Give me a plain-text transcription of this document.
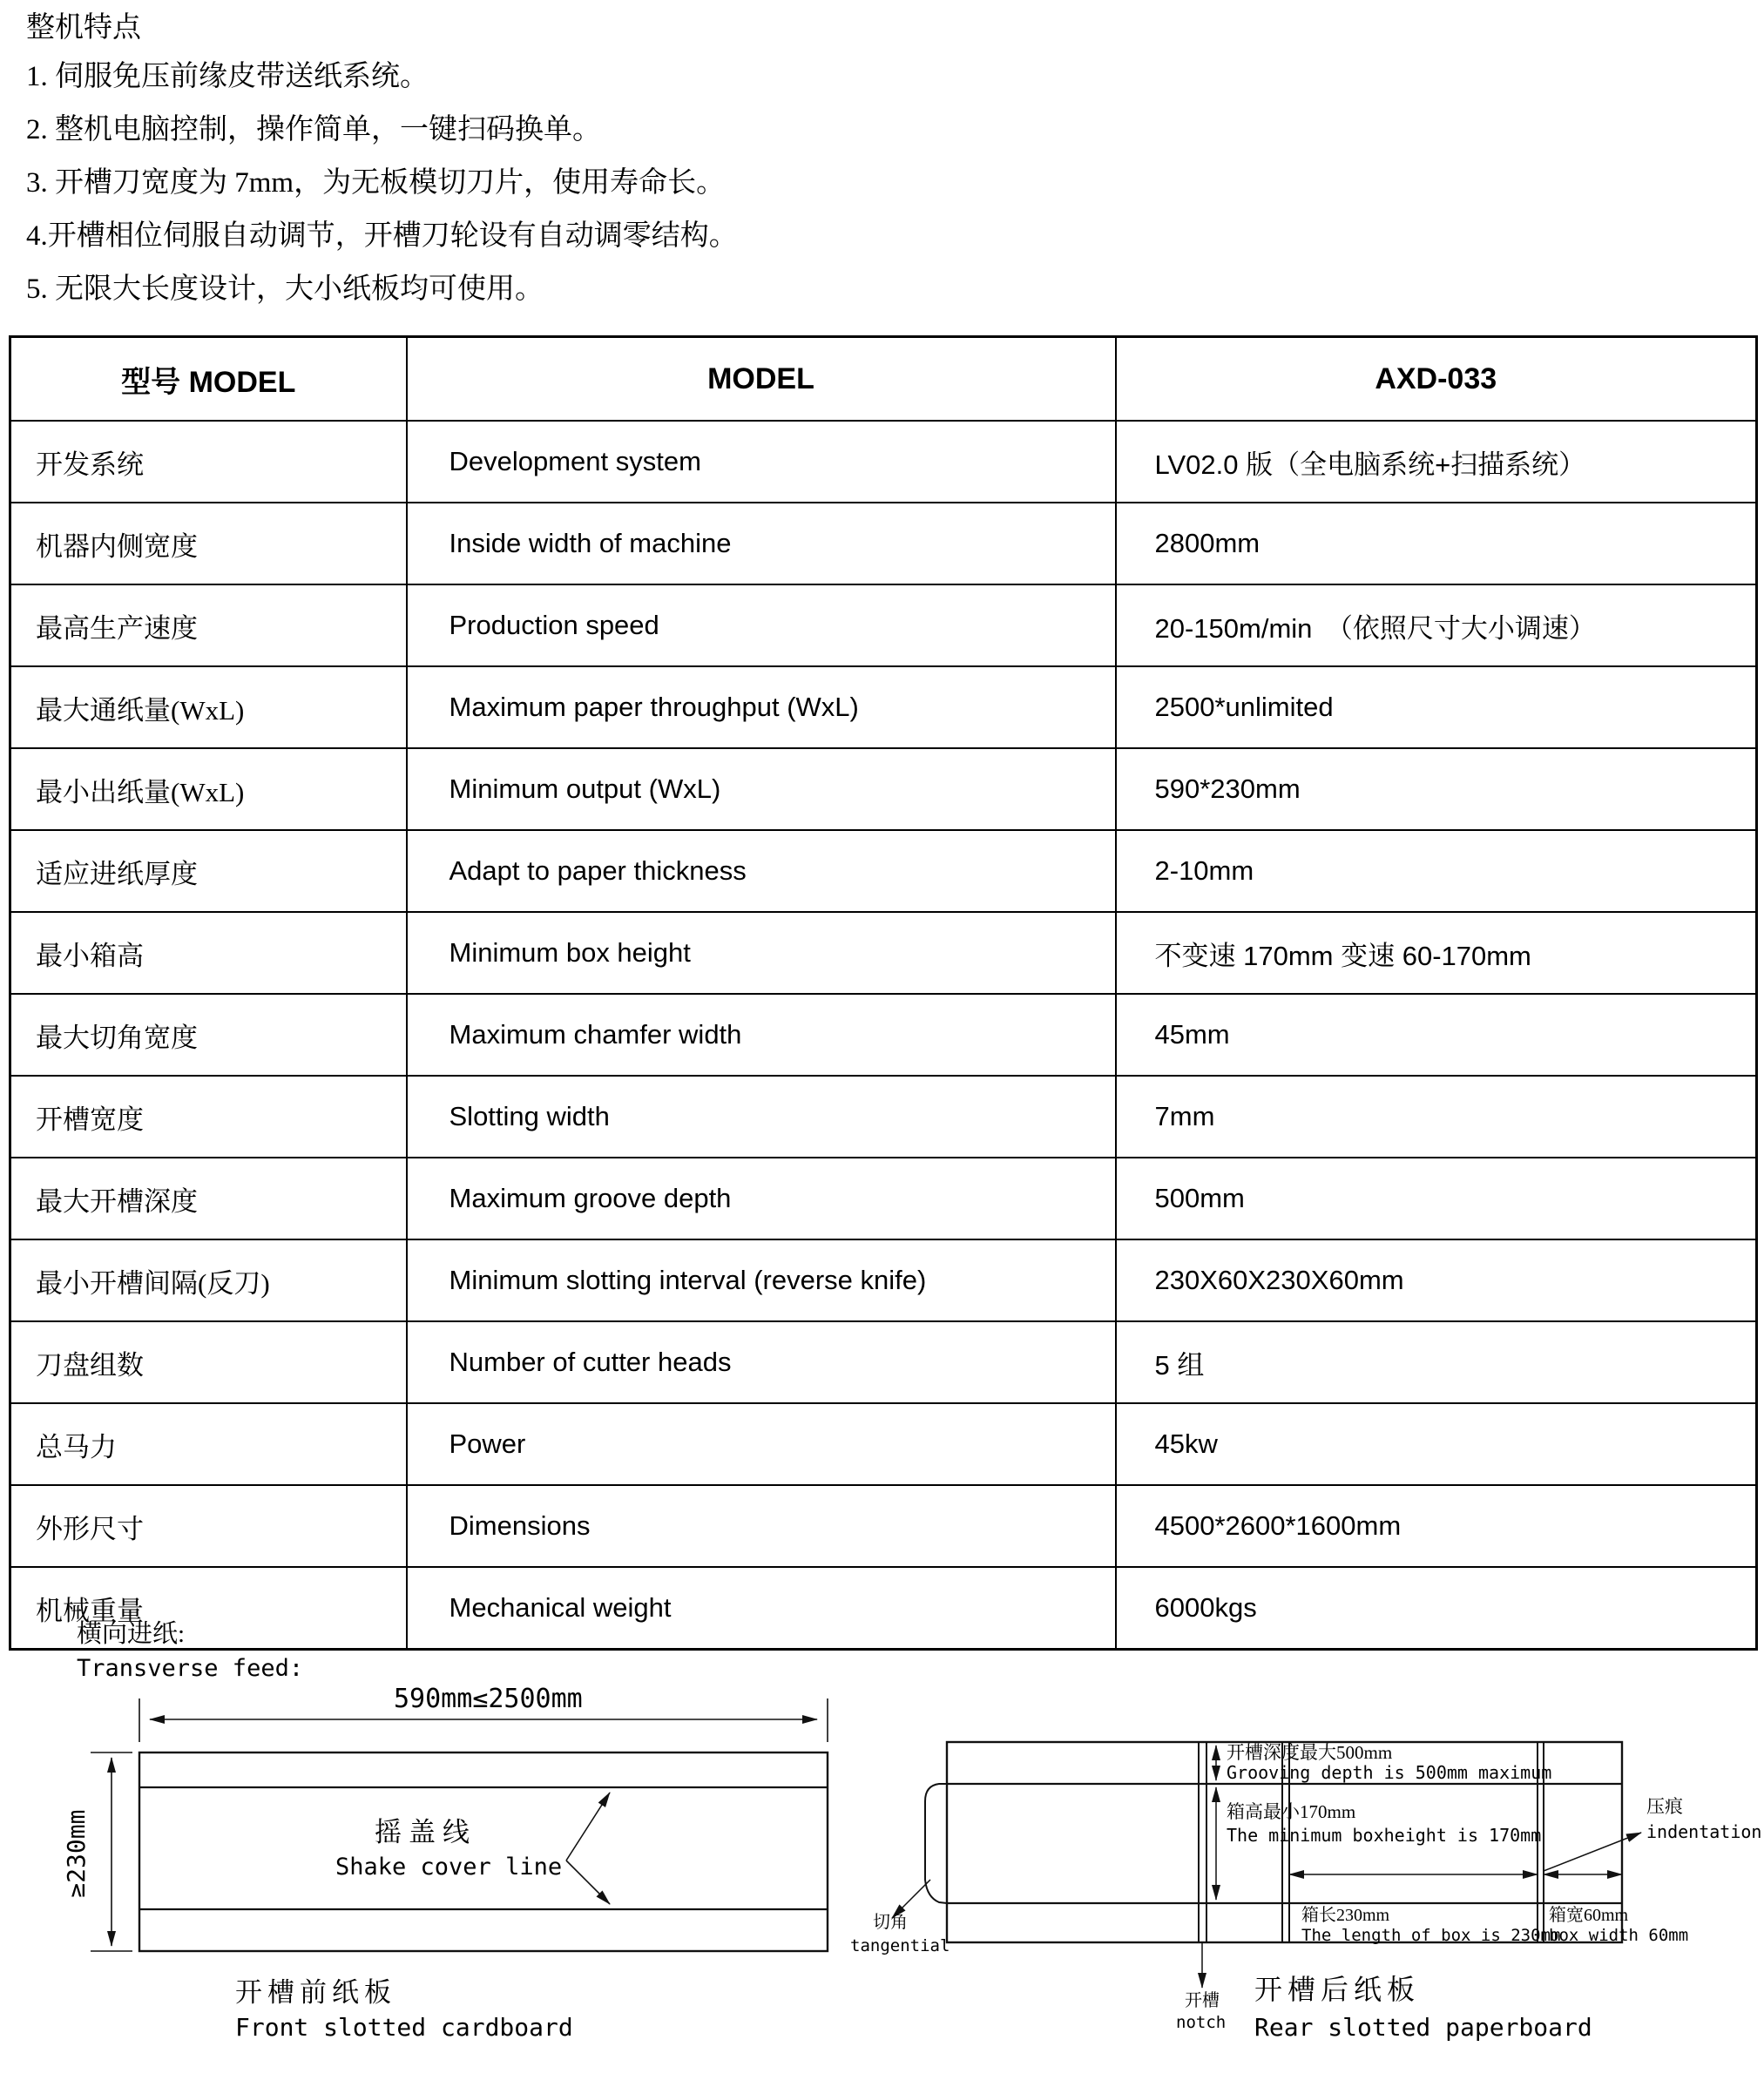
整机特点
1. 伺服免压前缘皮带送纸系统。
2. 整机电脑控制，操作简单，一键扫码换单。
3. 开槽刀宽度为 7mm，为无板模切刀片，使用寿命长。
4.开槽相位伺服自动调节，开槽刀轮设有自动调零结构。
5. 无限大长度设计，大小纸板均可使用。
型号 MODEL	MODEL	AXD-033
开发系统	Development system	LV02.0 版（全电脑系统+扫描系统）
机器内侧宽度	Inside width of machine	2800mm
最高生产速度	Production speed	20-150m/min　（依照尺寸大小调速）
最大通纸量(WxL)	Maximum paper throughput (WxL)	2500*unlimited
最小出纸量(WxL)	Minimum output (WxL)	590*230mm
适应进纸厚度	Adapt to paper thickness	2-10mm
最小箱高	Minimum box height	不变速 170mm 变速 60-170mm
最大切角宽度	Maximum chamfer width	45mm
开槽宽度	Slotting width	7mm
最大开槽深度	Maximum groove depth	500mm
最小开槽间隔(反刀)	Minimum slotting interval (reverse knife)	230X60X230X60mm
刀盘组数	Number of cutter heads	5 组
总马力	Power	45kw
外形尺寸	Dimensions	4500*2600*1600mm
机械重量	Mechanical weight	6000kgs
横向进纸:
Transverse feed:
590mm≤2500mm
≥230mm	摇盖线
Shake cover line
开槽前纸板
Front slotted cardboard
开槽深度最大500mm
Grooving depth is 500mm maximum
箱高最小170mm
The minimum boxheight is 170mm
压痕
indentation
箱长230mm
The length of box is 230mm
箱宽60mm
box width 60mm
切角
tangential
开槽
notch
开槽后纸板
Rear slotted paperboard
